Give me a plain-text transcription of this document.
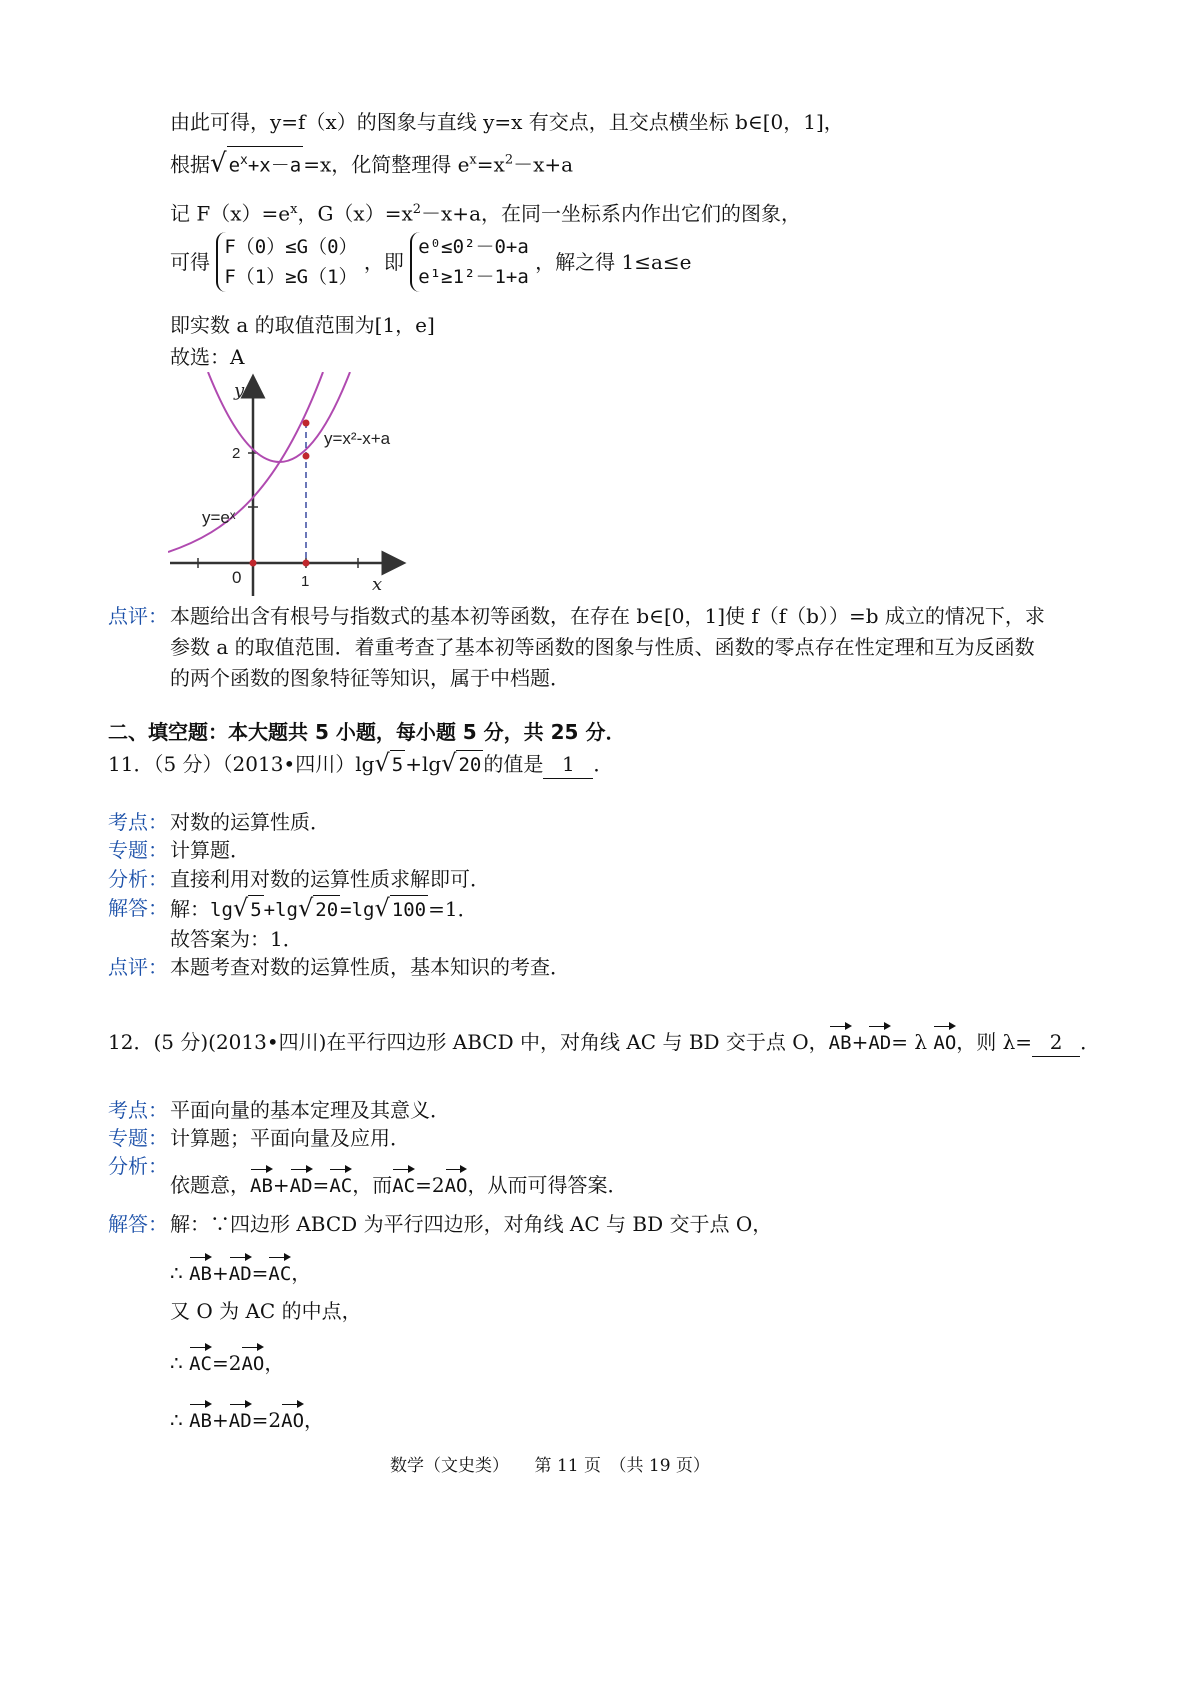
由此可得，y=f（x）的图象与直线 y=x 有交点，且交点横坐标 b∈[0，1]，
根据√ $e^x+x-a =x$，化简整理得 $e^x=x^2-x+a$
记 $F(x)=e^x$，$G(x)=x^2-x+a$，在同一坐标系内作出它们的图象，
可得
F（0）≤G（0）
F（1）≥G（1）
，即
e⁰≤0²－0+a
e¹≥1²－1+a
，解之得 1≤a≤e
即实数 a 的取值范围为[1，e]
故选：A
y
x
0	1
2
y=x²-x+a
y=eˣ
点评： 本题给出含有根号与指数式的基本初等函数，在存在 b∈[0，1]使 f（f（b））=b 成立的情况下，求
参数 a 的取值范围．着重考查了基本初等函数的图象与性质、函数的零点存在性定理和互为反函数
的两个函数的图象特征等知识，属于中档题．
二、填空题：本大题共 5 小题，每小题 5 分，共 25 分．
11．（5 分）（2013•四川）lg√ 5 +lg√ 20 的值是 1 ．
考点： 对数的运算性质．
专题： 计算题．
分析： 直接利用对数的运算性质求解即可．
解答： 解：lg√ 5 +lg√ 20 =lg√ 100 =1．
故答案为：1．
点评： 本题考查对数的运算性质，基本知识的考查．
12．(5 分)(2013•四川)在平行四边形 ABCD 中，对角线 AC 与 BD 交于点 O，AB+AD= λ AO，则 λ= 2 ．
考点： 平面向量的基本定理及其意义．
专题： 计算题；平面向量及应用．
分析：
依题意，AB+AD=AC，而AC=2AO，从而可得答案．
解答： 解：∵四边形 ABCD 为平行四边形，对角线 AC 与 BD 交于点 O，
∴ AB+AD=AC，
又 O 为 AC 的中点，
∴ AC=2AO，
∴ AB+AD=2AO，
数学（文史类）　　第 11 页　（共 19 页）
